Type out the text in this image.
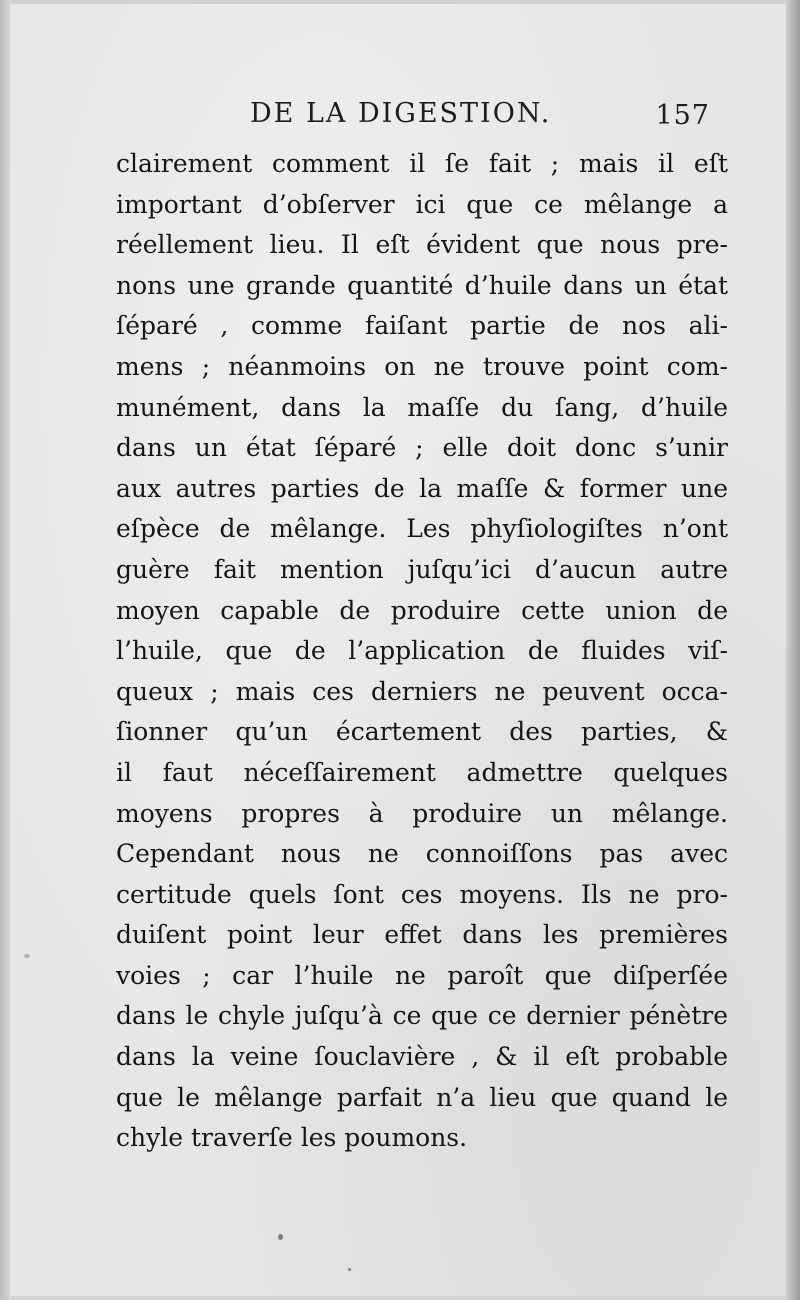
DE LA DIGESTION.	157
clairement comment il ſe fait ; mais il eſt
important d’obſerver ici que ce mêlange a
réellement lieu. Il eſt évident que nous pre-
nons une grande quantité d’huile dans un état
ſéparé , comme faiſant partie de nos ali-
mens ; néanmoins on ne trouve point com-
munément, dans la maſſe du ſang, d’huile
dans un état ſéparé ; elle doit donc s’unir
aux autres parties de la maſſe & former une
eſpèce de mêlange. Les phyſiologiſtes n’ont
guère fait mention juſqu’ici d’aucun autre
moyen capable de produire cette union de
l’huile, que de l’application de fluides viſ-
queux ; mais ces derniers ne peuvent occa-
ſionner qu’un écartement des parties, &
il faut néceſſairement admettre quelques
moyens propres à produire un mêlange.
Cependant nous ne connoiſſons pas avec
certitude quels ſont ces moyens. Ils ne pro-
duiſent point leur effet dans les premières
voies ; car l’huile ne paroît que diſperſée
dans le chyle juſqu’à ce que ce dernier pénètre
dans la veine ſouclavière , & il eſt probable
que le mêlange parfait n’a lieu que quand le
chyle traverſe les poumons.
